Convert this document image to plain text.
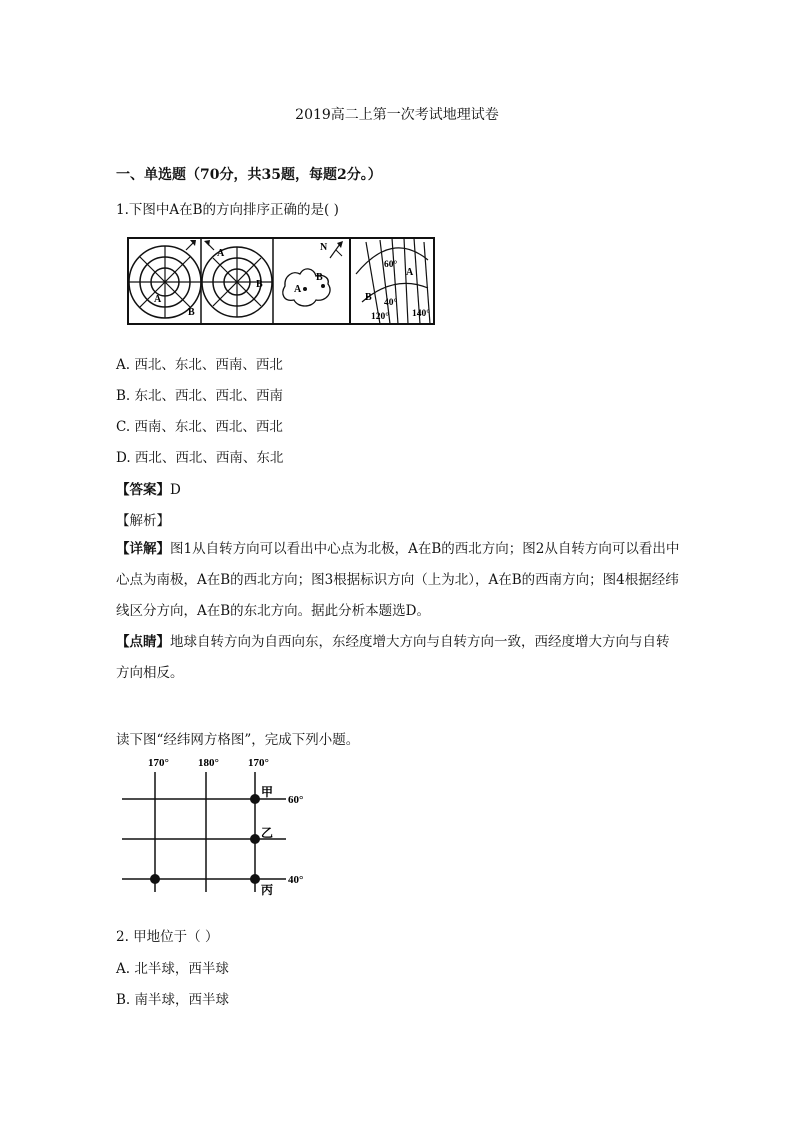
2019高二上第一次考试地理试卷
一、单选题（70分，共35题，每题2分。）
1.下图中A在B的方向排序正确的是( )
A
B
A
B	A
B
N
60°
A
B 40°
120° 140°
A. 西北、东北、西南、西北
B. 东北、西北、西北、西南
C. 西南、东北、西北、西北
D. 西北、西北、西南、东北
【答案】D
【解析】
【详解】图1从自转方向可以看出中心点为北极，A在B的西北方向；图2从自转方向可以看出中心点为南极，A在B的西北方向；图3根据标识方向（上为北），A在B的西南方向；图4根据经纬线区分方向，A在B的东北方向。据此分析本题选D。
【点睛】地球自转方向为自西向东，东经度增大方向与自转方向一致，西经度增大方向与自转方向相反。
读下图“经纬网方格图”，完成下列小题。
170°	180°	170°
甲
乙
丙
60°
40°
2. 甲地位于（ ）
A. 北半球，西半球
B. 南半球，西半球
